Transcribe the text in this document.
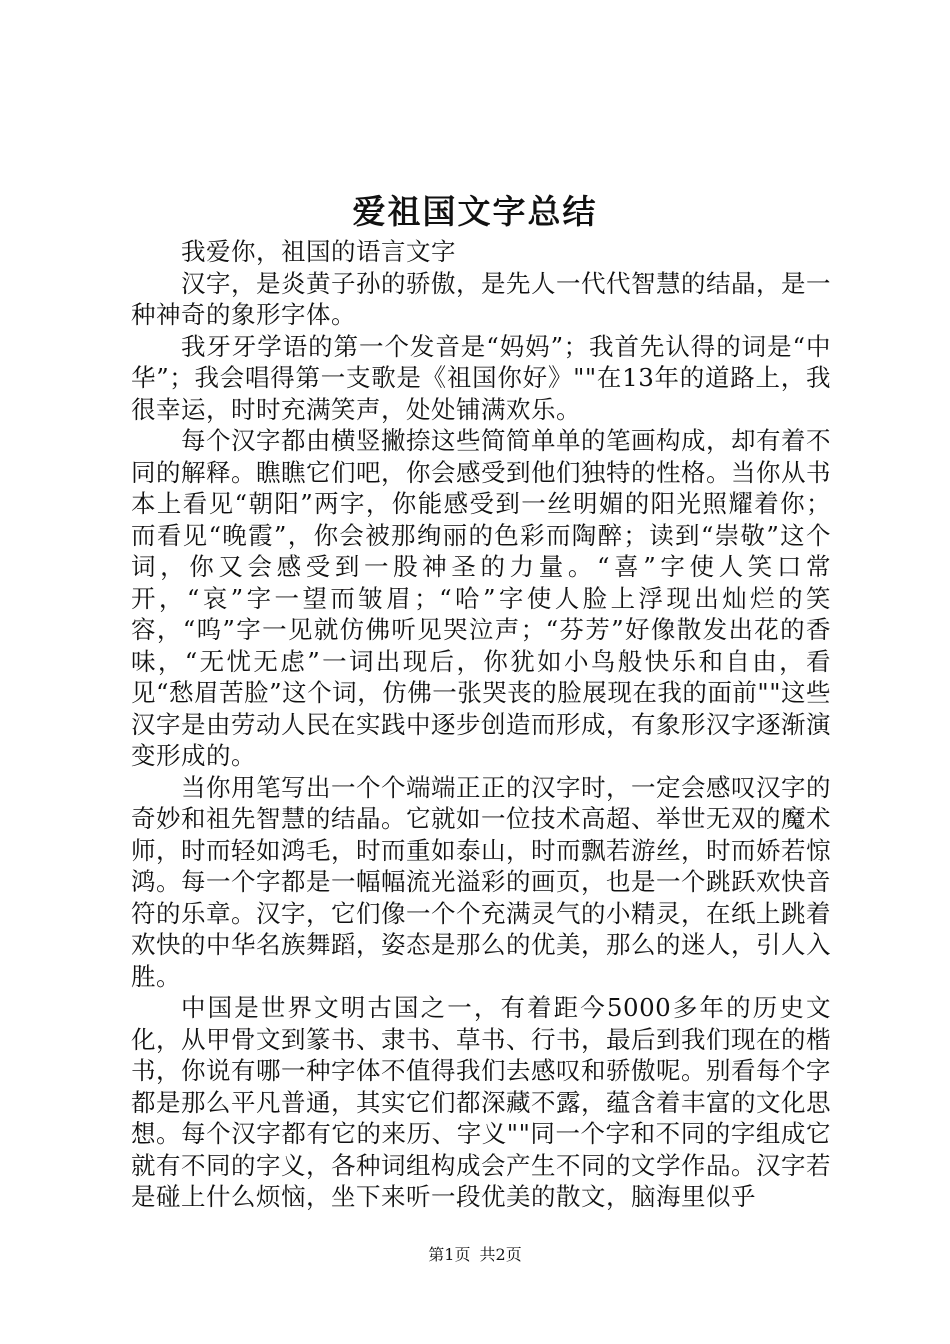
爱祖国文字总结

我爱你，祖国的语言文字

汉字，是炎黄子孙的骄傲，是先人一代代智慧的结晶，是一种神奇的象形字体。

我牙牙学语的第一个发音是“妈妈”；我首先认得的词是“中华”；我会唱得第一支歌是《祖国你好》""在13年的道路上，我很幸运，时时充满笑声，处处铺满欢乐。

每个汉字都由横竖撇捺这些简简单单的笔画构成，却有着不同的解释。瞧瞧它们吧，你会感受到他们独特的性格。当你从书本上看见“朝阳”两字，你能感受到一丝明媚的阳光照耀着你；而看见“晚霞”，你会被那绚丽的色彩而陶醉；读到“崇敬”这个词，你又会感受到一股神圣的力量。“喜”字使人笑口常开，“哀”字一望而皱眉；“哈”字使人脸上浮现出灿烂的笑容，“呜”字一见就仿佛听见哭泣声；“芬芳”好像散发出花的香味，“无忧无虑”一词出现后，你犹如小鸟般快乐和自由，看见“愁眉苦脸”这个词，仿佛一张哭丧的脸展现在我的面前""这些汉字是由劳动人民在实践中逐步创造而形成，有象形汉字逐渐演变形成的。

当你用笔写出一个个端端正正的汉字时，一定会感叹汉字的奇妙和祖先智慧的结晶。它就如一位技术高超、举世无双的魔术师，时而轻如鸿毛，时而重如泰山，时而飘若游丝，时而娇若惊鸿。每一个字都是一幅幅流光溢彩的画页，也是一个跳跃欢快音符的乐章。汉字，它们像一个个充满灵气的小精灵，在纸上跳着欢快的中华名族舞蹈，姿态是那么的优美，那么的迷人，引人入胜。

中国是世界文明古国之一，有着距今5000多年的历史文化，从甲骨文到篆书、隶书、草书、行书，最后到我们现在的楷书，你说有哪一种字体不值得我们去感叹和骄傲呢。别看每个字都是那么平凡普通，其实它们都深藏不露，蕴含着丰富的文化思想。每个汉字都有它的来历、字义""同一个字和不同的字组成它就有不同的字义，各种词组构成会产生不同的文学作品。汉字若是碰上什么烦恼，坐下来听一段优美的散文，脑海里似乎

第1页 共2页
